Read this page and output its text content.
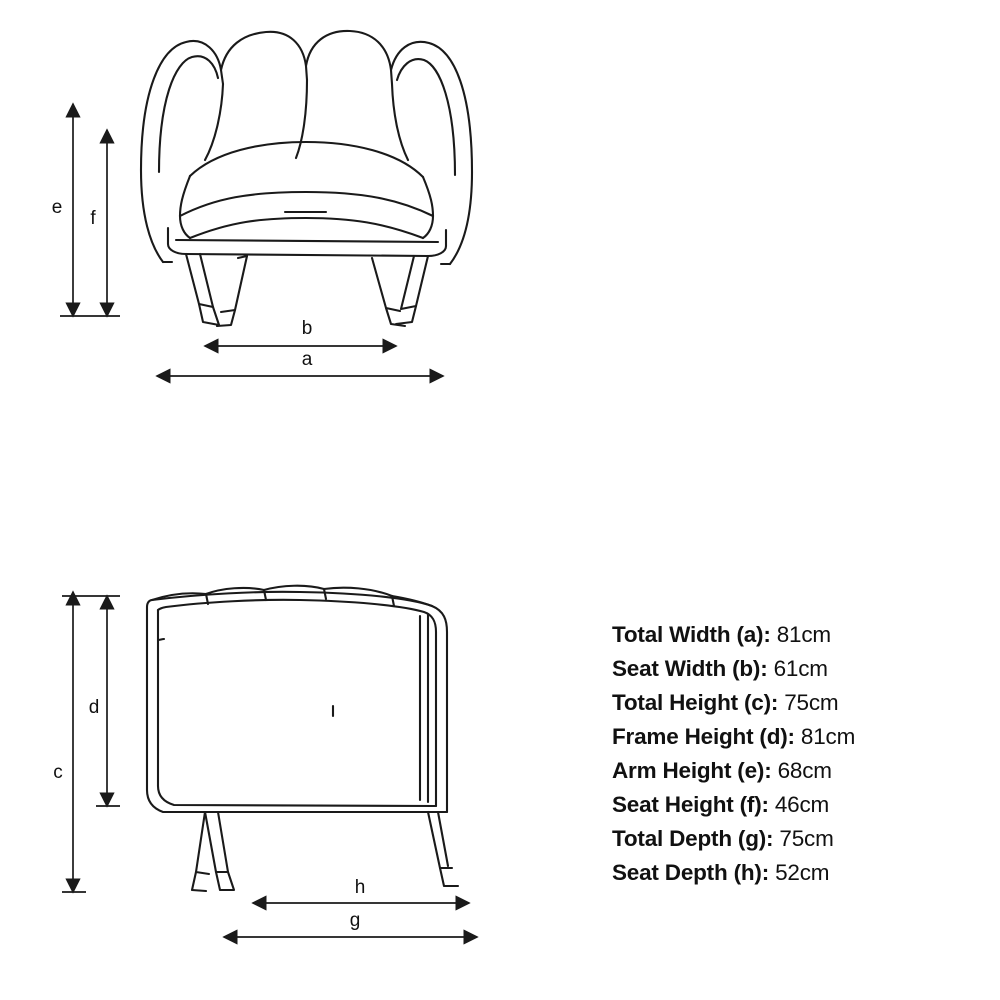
e
f
b
a
c
d
h
g
Total Width (a): 81cm
Seat Width (b): 61cm
Total Height (c): 75cm
Frame Height (d): 81cm
Arm Height (e): 68cm
Seat Height (f): 46cm
Total Depth (g): 75cm
Seat Depth (h): 52cm
